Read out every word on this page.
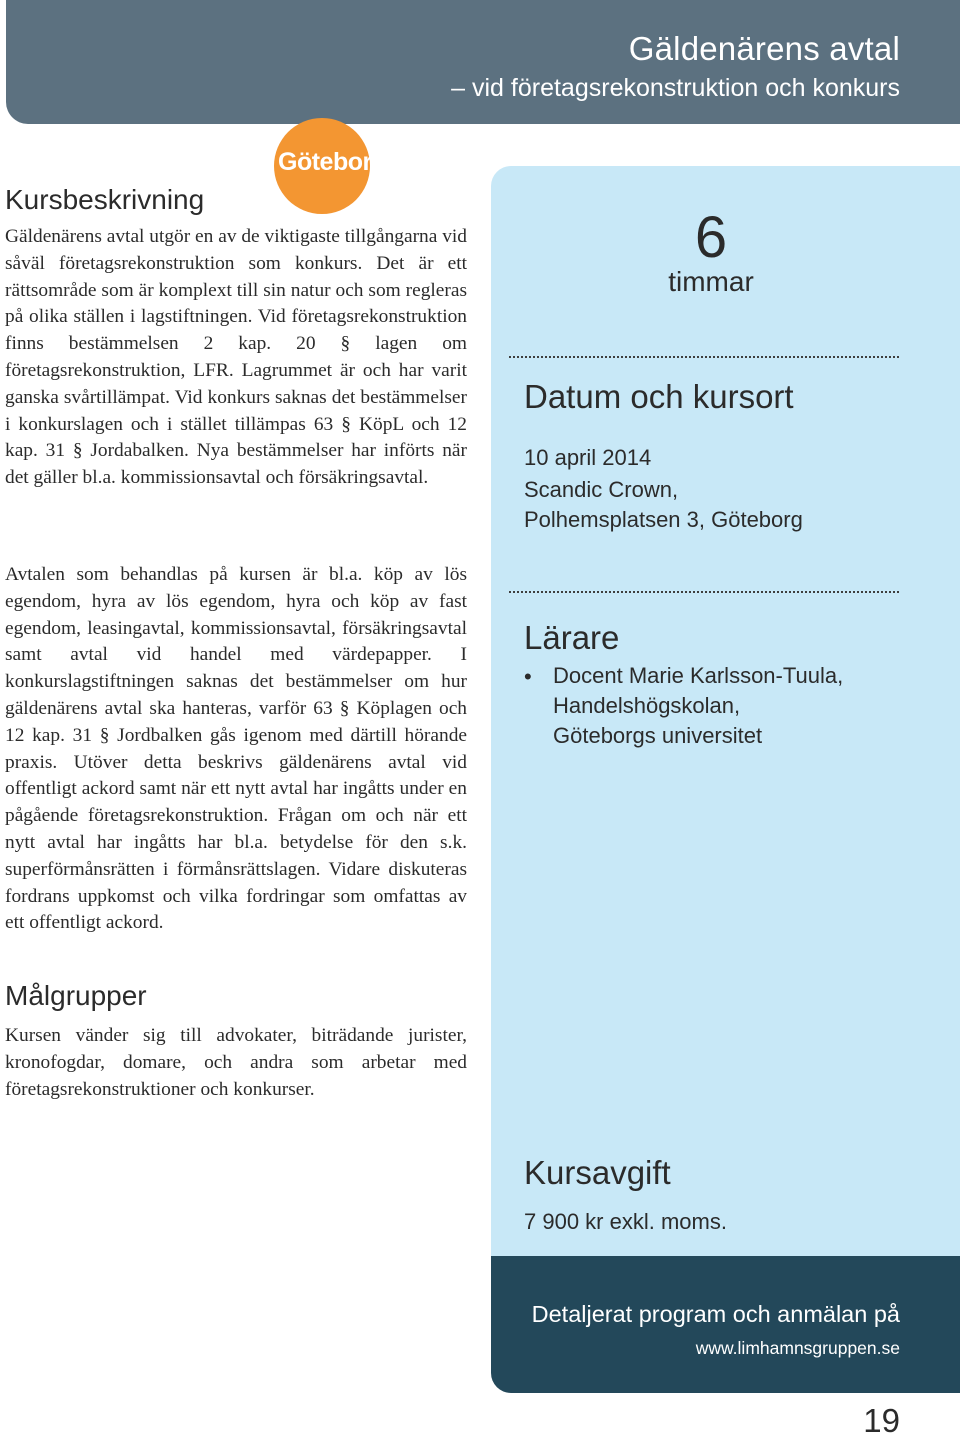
Gäldenärens avtal
– vid företagsrekonstruktion och konkurs
Göteborg
Kursbeskrivning

Gäldenärens avtal utgör en av de viktigaste tillgångarna vid såväl företagsrekonstruktion som konkurs. Det är ett rättsområde som är komplext till sin natur och som regleras på olika ställen i lagstiftningen. Vid företagsrekonstruktion finns bestämmelsen 2 kap. 20 § lagen om företagsrekonstruktion, LFR. Lagrummet är och har varit ganska svårtillämpat. Vid konkurs saknas det bestämmelser i konkurslagen och i stället tillämpas 63 § KöpL och 12 kap. 31 § Jordabalken. Nya bestämmelser har införts när det gäller bl.a. kommissionsavtal och försäkringsavtal.

Avtalen som behandlas på kursen är bl.a. köp av lös egendom, hyra av lös egendom, hyra och köp av fast egendom, leasingavtal, kommissionsavtal, försäkringsavtal samt avtal vid handel med värdepapper. I konkurslagstiftningen saknas det bestämmelser om hur gäldenärens avtal ska hanteras, varför 63 § Köplagen och 12 kap. 31 § Jordbalken gås igenom med därtill hörande praxis. Utöver detta beskrivs gäldenärens avtal vid offentligt ackord samt när ett nytt avtal har ingåtts under en pågående företagsrekonstruktion. Frågan om och när ett nytt avtal har ingåtts har bl.a. betydelse för den s.k. superförmånsrätten i förmånsrättslagen. Vidare diskuteras fordrans uppkomst och vilka fordringar som omfattas av ett offentligt ackord.

Målgrupper

Kursen vänder sig till advokater, biträdande jurister, kronofogdar, domare, och andra som arbetar med företagsrekonstruktioner och konkurser.

6
timmar
Datum och kursort
10 april 2014
Scandic Crown,
Polhemsplatsen 3, Göteborg
Lärare
• Docent Marie Karlsson-Tuula,
Handelshögskolan,
Göteborgs universitet
Kursavgift
7 900 kr exkl. moms.
Detaljerat program och anmälan på
www.limhamnsgruppen.se
19
